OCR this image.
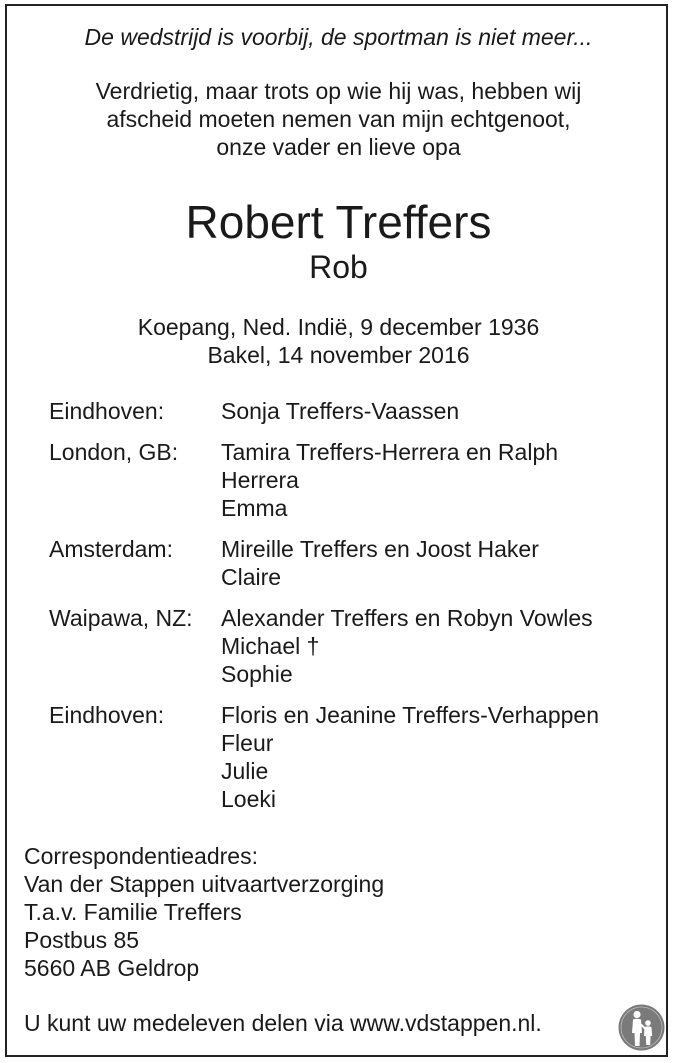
De wedstrijd is voorbij, de sportman is niet meer...
Verdrietig, maar trots op wie hij was, hebben wij
afscheid moeten nemen van mijn echtgenoot,
onze vader en lieve opa
Robert Treffers
Rob
Koepang, Ned. Indië, 9 december 1936
Bakel, 14 november 2016
Eindhoven:	Sonja Treffers-Vaassen
London, GB:	Tamira Treffers-Herrera en Ralph
Herrera
Emma
Amsterdam:	Mireille Treffers en Joost Haker
Claire
Waipawa, NZ:	Alexander Treffers en Robyn Vowles
Michael †
Sophie
Eindhoven:	Floris en Jeanine Treffers-Verhappen
Fleur
Julie
Loeki
Correspondentieadres:
Van der Stappen uitvaartverzorging
T.a.v. Familie Treffers
Postbus 85
5660 AB Geldrop
U kunt uw medeleven delen via www.vdstappen.nl.
